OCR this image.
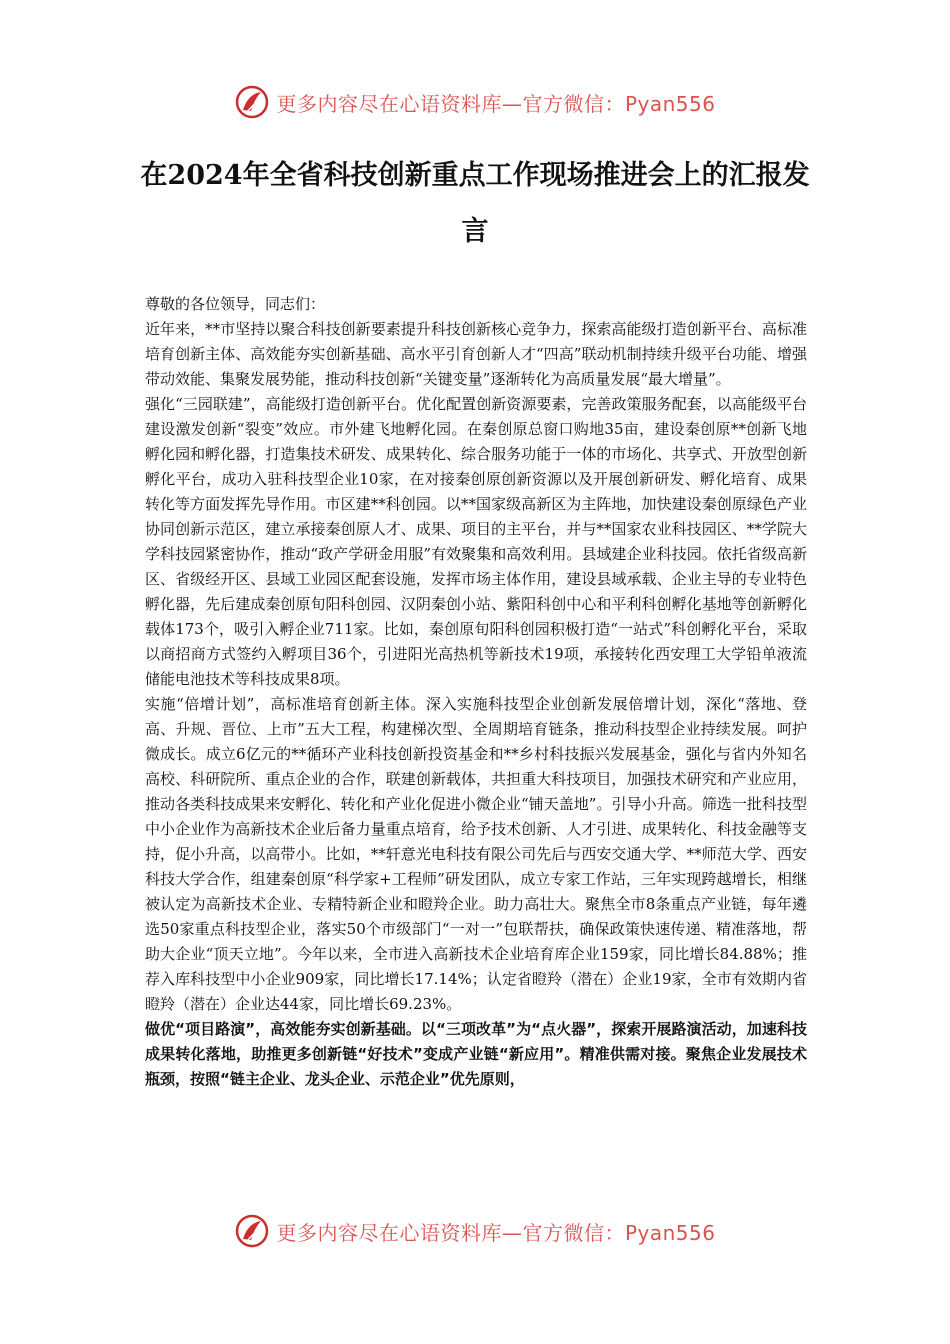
更多内容尽在心语资料库—官方微信：Pyan556
在2024年全省科技创新重点工作现场推进会上的汇报发言

尊敬的各位领导，同志们：

近年来，**市坚持以聚合科技创新要素提升科技创新核心竞争力，探索高能级打造创新平台、高标准培育创新主体、高效能夯实创新基础、高水平引育创新人才“四高”联动机制持续升级平台功能、增强带动效能、集聚发展势能，推动科技创新“关键变量”逐渐转化为高质量发展“最大增量”。

强化“三园联建”，高能级打造创新平台。优化配置创新资源要素，完善政策服务配套，以高能级平台建设激发创新“裂变”效应。市外建飞地孵化园。在秦创原总窗口购地35亩，建设秦创原**创新飞地孵化园和孵化器，打造集技术研发、成果转化、综合服务功能于一体的市场化、共享式、开放型创新孵化平台，成功入驻科技型企业10家，在对接秦创原创新资源以及开展创新研发、孵化培育、成果转化等方面发挥先导作用。市区建**科创园。以**国家级高新区为主阵地，加快建设秦创原绿色产业协同创新示范区，建立承接秦创原人才、成果、项目的主平台，并与**国家农业科技园区、**学院大学科技园紧密协作，推动“政产学研金用服”有效聚集和高效利用。县域建企业科技园。依托省级高新区、省级经开区、县域工业园区配套设施，发挥市场主体作用，建设县域承载、企业主导的专业特色孵化器，先后建成秦创原旬阳科创园、汉阴秦创小站、紫阳科创中心和平利科创孵化基地等创新孵化载体173个，吸引入孵企业711家。比如，秦创原旬阳科创园积极打造“一站式”科创孵化平台，采取以商招商方式签约入孵项目36个，引进阳光高热机等新技术19项，承接转化西安理工大学铅单液流储能电池技术等科技成果8项。

实施“倍增计划”，高标准培育创新主体。深入实施科技型企业创新发展倍增计划，深化“落地、登高、升规、晋位、上市”五大工程，构建梯次型、全周期培育链条，推动科技型企业持续发展。呵护微成长。成立6亿元的**循环产业科技创新投资基金和**乡村科技振兴发展基金，强化与省内外知名高校、科研院所、重点企业的合作，联建创新载体，共担重大科技项目，加强技术研究和产业应用，推动各类科技成果来安孵化、转化和产业化促进小微企业“铺天盖地”。引导小升高。筛选一批科技型中小企业作为高新技术企业后备力量重点培育，给予技术创新、人才引进、成果转化、科技金融等支持，促小升高，以高带小。比如，**轩意光电科技有限公司先后与西安交通大学、**师范大学、西安科技大学合作，组建秦创原“科学家+工程师”研发团队，成立专家工作站，三年实现跨越增长，相继被认定为高新技术企业、专精特新企业和瞪羚企业。助力高壮大。聚焦全市8条重点产业链，每年遴选50家重点科技型企业，落实50个市级部门“一对一”包联帮扶，确保政策快速传递、精准落地，帮助大企业“顶天立地”。今年以来，全市进入高新技术企业培育库企业159家，同比增长84.88%；推荐入库科技型中小企业909家，同比增长17.14%；认定省瞪羚（潜在）企业19家，全市有效期内省瞪羚（潜在）企业达44家，同比增长69.23%。

做优“项目路演”，高效能夯实创新基础。以“三项改革”为“点火器”，探索开展路演活动，加速科技成果转化落地，助推更多创新链“好技术”变成产业链“新应用”。精准供需对接。聚焦企业发展技术瓶颈，按照“链主企业、龙头企业、示范企业”优先原则，

更多内容尽在心语资料库—官方微信：Pyan556
